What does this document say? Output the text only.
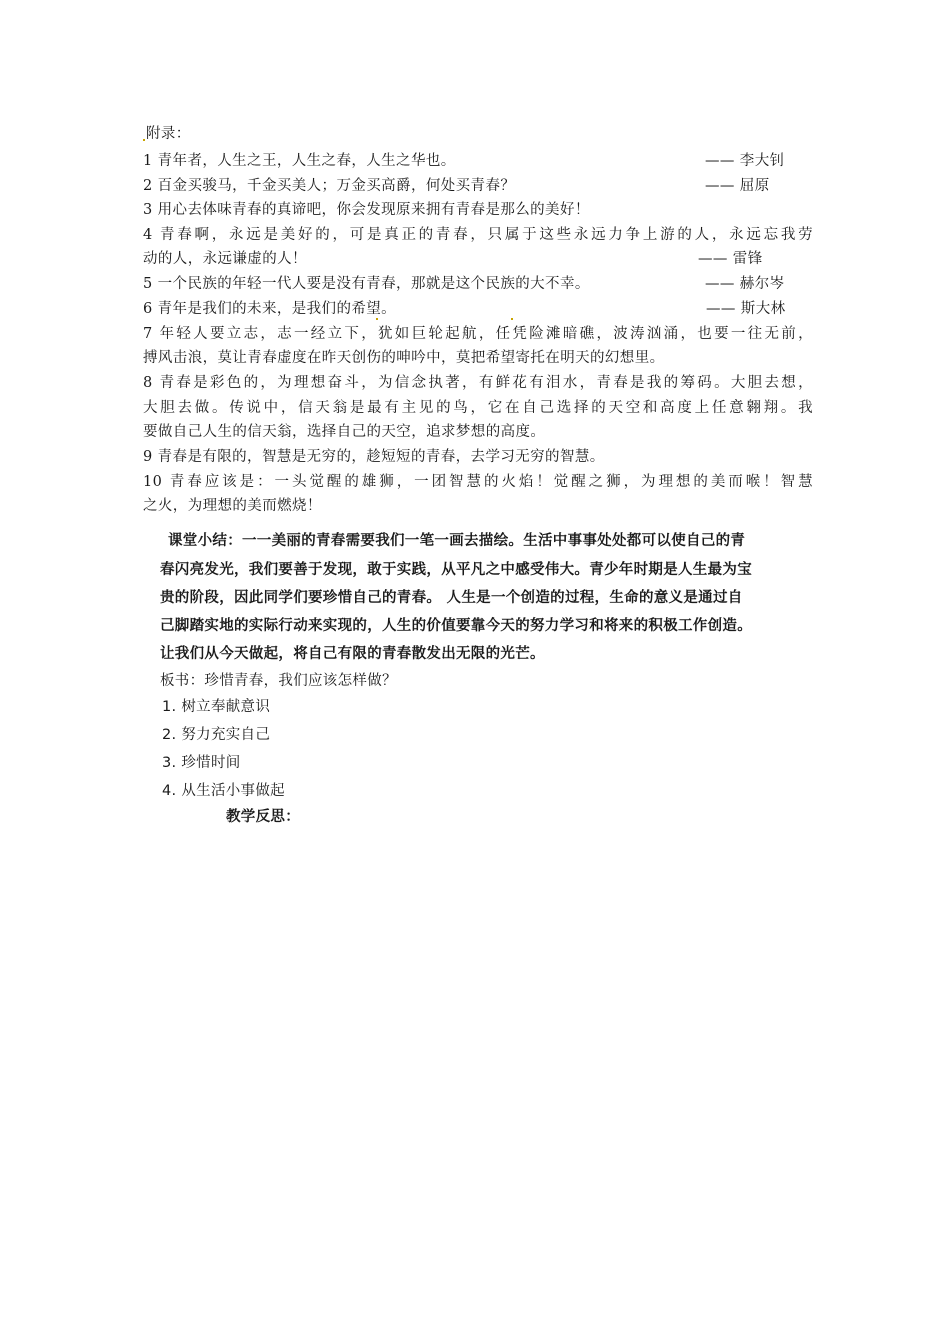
附录：
1 青年者，人生之王，人生之春，人生之华也。	—— 李大钊
2 百金买骏马，千金买美人；万金买高爵，何处买青春？	—— 屈原
3 用心去体味青春的真谛吧，你会发现原来拥有青春是那么的美好！
4 青春啊，永远是美好的，可是真正的青春，只属于这些永远力争上游的人，永远忘我劳
动的人，永远谦虚的人！	—— 雷锋
5 一个民族的年轻一代人要是没有青春，那就是这个民族的大不幸。	—— 赫尔岑
6 青年是我们的未来，是我们的希望。	—— 斯大林
7 年轻人要立志，志一经立下，犹如巨轮起航，任凭险滩暗礁，波涛汹涌，也要一往无前，
搏风击浪，莫让青春虚度在昨天创伤的呻吟中，莫把希望寄托在明天的幻想里。
8 青春是彩色的，为理想奋斗，为信念执著，有鲜花有泪水，青春是我的筹码。大胆去想，
大胆去做。传说中，信天翁是最有主见的鸟，它在自己选择的天空和高度上任意翱翔。我
要做自己人生的信天翁，选择自己的天空，追求梦想的高度。
9 青春是有限的，智慧是无穷的，趁短短的青春，去学习无穷的智慧。
10 青春应该是：一头觉醒的雄狮，一团智慧的火焰！觉醒之狮，为理想的美而喉！智慧
之火，为理想的美而燃烧！
课堂小结：一一美丽的青春需要我们一笔一画去描绘。生活中事事处处都可以使自己的青
春闪亮发光，我们要善于发现，敢于实践，从平凡之中感受伟大。青少年时期是人生最为宝
贵的阶段，因此同学们要珍惜自己的青春。 人生是一个创造的过程，生命的意义是通过自
己脚踏实地的实际行动来实现的，人生的价值要靠今天的努力学习和将来的积极工作创造。
让我们从今天做起，将自己有限的青春散发出无限的光芒。
板书：珍惜青春，我们应该怎样做？
1. 树立奉献意识
2. 努力充实自己
3. 珍惜时间
4. 从生活小事做起
教学反思：
